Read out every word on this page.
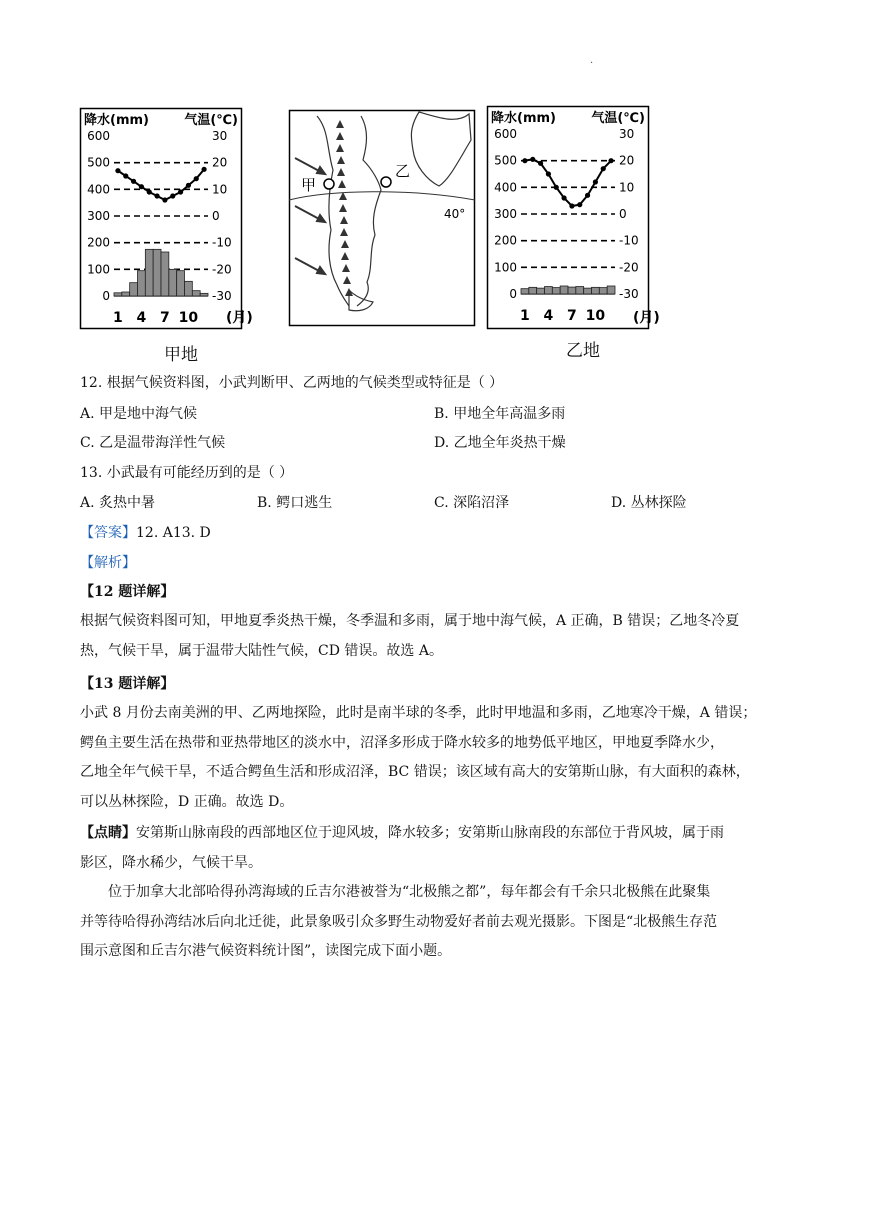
·
降水(mm)	气温(℃)
600
500
400
300
200
100
0
30
20
10
0
-10
-20
-30
1 4 7 10 (月)
40°
甲
乙
降水(mm)	气温(℃)
600
500
400
300
200
100
0
30
20
10
0
-10
-20
-30
1 4 7 10 (月)
甲地	乙地
12. 根据气候资料图，小武判断甲、乙两地的气候类型或特征是（ ）
A. 甲是地中海气候	B. 甲地全年高温多雨
C. 乙是温带海洋性气候	D. 乙地全年炎热干燥
13. 小武最有可能经历到的是（ ）
A. 炙热中暑	B. 鳄口逃生	C. 深陷沼泽	D. 丛林探险
【答案】12. A13. D
【解析】
【12 题详解】
根据气候资料图可知，甲地夏季炎热干燥，冬季温和多雨，属于地中海气候，A 正确，B 错误；乙地冬冷夏
热，气候干旱，属于温带大陆性气候，CD 错误。故选 A。
【13 题详解】
小武 8 月份去南美洲的甲、乙两地探险，此时是南半球的冬季，此时甲地温和多雨，乙地寒冷干燥，A 错误；
鳄鱼主要生活在热带和亚热带地区的淡水中，沼泽多形成于降水较多的地势低平地区，甲地夏季降水少，
乙地全年气候干旱，不适合鳄鱼生活和形成沼泽，BC 错误；该区域有高大的安第斯山脉，有大面积的森林，
可以丛林探险，D 正确。故选 D。
【点睛】安第斯山脉南段的西部地区位于迎风坡，降水较多；安第斯山脉南段的东部位于背风坡，属于雨
影区，降水稀少，气候干旱。
位于加拿大北部哈得孙湾海域的丘吉尔港被誉为“北极熊之都”，每年都会有千余只北极熊在此聚集
并等待哈得孙湾结冰后向北迁徙，此景象吸引众多野生动物爱好者前去观光摄影。下图是“北极熊生存范
围示意图和丘吉尔港气候资料统计图”，读图完成下面小题。
